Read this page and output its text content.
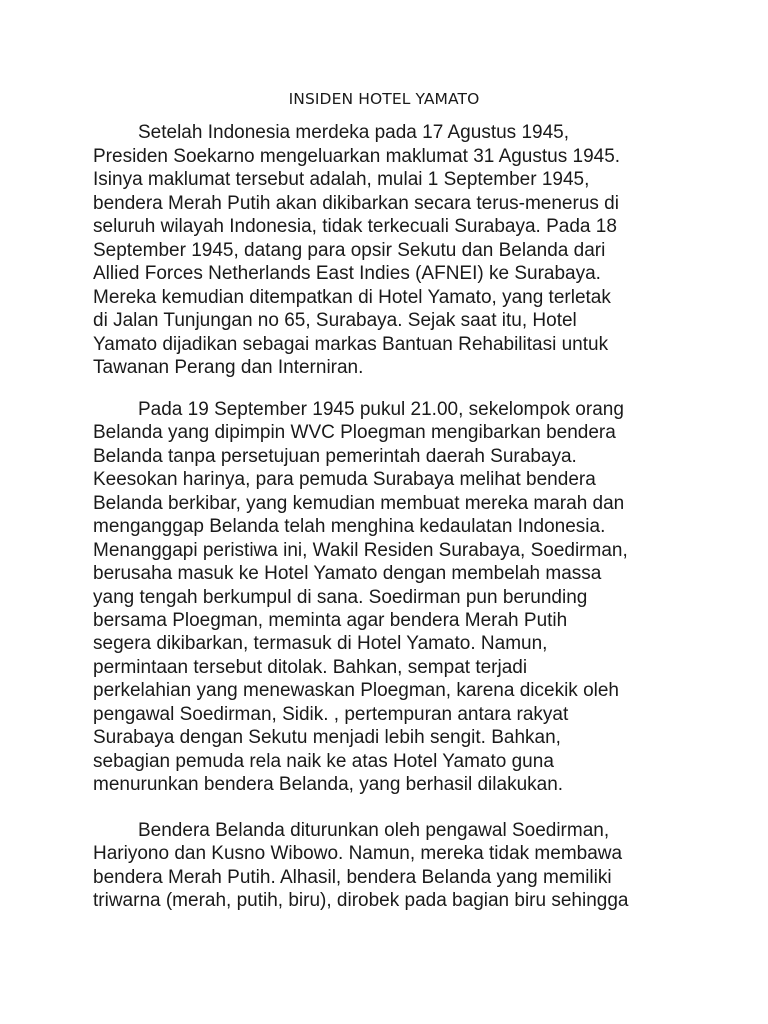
INSIDEN HOTEL YAMATO
Setelah Indonesia merdeka pada 17 Agustus 1945,
Presiden Soekarno mengeluarkan maklumat 31 Agustus 1945.
Isinya maklumat tersebut adalah, mulai 1 September 1945,
bendera Merah Putih akan dikibarkan secara terus-menerus di
seluruh wilayah Indonesia, tidak terkecuali Surabaya. Pada 18
September 1945, datang para opsir Sekutu dan Belanda dari
Allied Forces Netherlands East Indies (AFNEI) ke Surabaya.
Mereka kemudian ditempatkan di Hotel Yamato, yang terletak
di Jalan Tunjungan no 65, Surabaya. Sejak saat itu, Hotel
Yamato dijadikan sebagai markas Bantuan Rehabilitasi untuk
Tawanan Perang dan Interniran.
Pada 19 September 1945 pukul 21.00, sekelompok orang
Belanda yang dipimpin WVC Ploegman mengibarkan bendera
Belanda tanpa persetujuan pemerintah daerah Surabaya.
Keesokan harinya, para pemuda Surabaya melihat bendera
Belanda berkibar, yang kemudian membuat mereka marah dan
menganggap Belanda telah menghina kedaulatan Indonesia.
Menanggapi peristiwa ini, Wakil Residen Surabaya, Soedirman,
berusaha masuk ke Hotel Yamato dengan membelah massa
yang tengah berkumpul di sana. Soedirman pun berunding
bersama Ploegman, meminta agar bendera Merah Putih
segera dikibarkan, termasuk di Hotel Yamato. Namun,
permintaan tersebut ditolak. Bahkan, sempat terjadi
perkelahian yang menewaskan Ploegman, karena dicekik oleh
pengawal Soedirman, Sidik. , pertempuran antara rakyat
Surabaya dengan Sekutu menjadi lebih sengit. Bahkan,
sebagian pemuda rela naik ke atas Hotel Yamato guna
menurunkan bendera Belanda, yang berhasil dilakukan.
Bendera Belanda diturunkan oleh pengawal Soedirman,
Hariyono dan Kusno Wibowo. Namun, mereka tidak membawa
bendera Merah Putih. Alhasil, bendera Belanda yang memiliki
triwarna (merah, putih, biru), dirobek pada bagian biru sehingga
